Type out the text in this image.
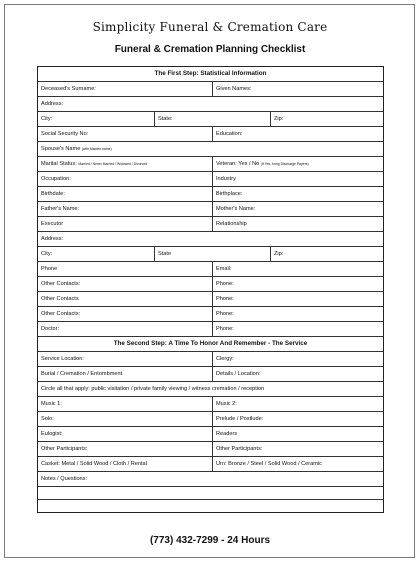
Simplicity Funeral & Cremation Care
Funeral & Cremation Planning Checklist
The First Step: Statistical Information
Deceased's Surname:	Given Names:
Address:
City:	State:	Zip:
Social Security No:	Education:
Spouse's Name (with Maiden name)
Marital Status: Married / Never Married / Widowed / Divorced	Veteran: Yes / No (If Yes, bring Discharge Papers)
Occupation:	Industry
Birthdate:	Birthplace:
Father's Name:	Mother's Name:
Executor	Relationship
Address:
City:	State	Zip:
Phone	Email:
Other Contacts:	Phone:
Other Contacts	Phone:
Other Contacts:	Phone:
Doctor:	Phone:
The Second Step: A Time To Honor And Remember - The Service
Service Location:	Clergy:
Burial / Cremation / Entombment	Details / Location:
Circle all that apply: public visitation / private family viewing / witness cremation / reception
Music 1:	Music 2:
Solo:	Prelude / Postlude:
Eulogist:	Readers
Other Participants:	Other Participants:
Casket: Metal / Solid Wood / Cloth / Rental	Urn: Bronze / Steel / Solid Wood / Ceramic
Notes / Questions:
(773) 432-7299 - 24 Hours
